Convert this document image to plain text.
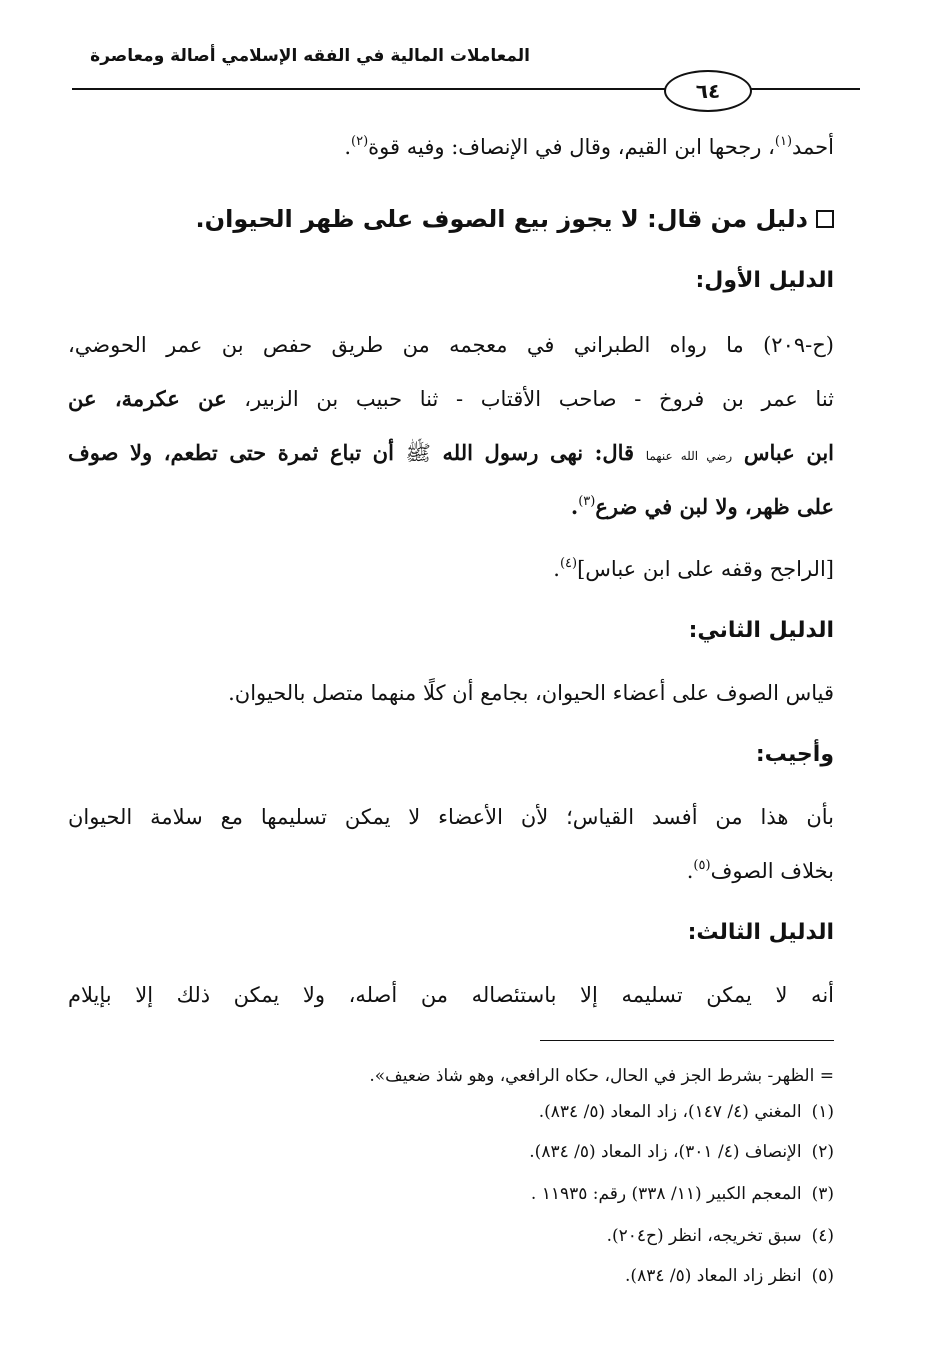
المعاملات المالية في الفقه الإسلامي أصالة ومعاصرة
٦٤
أحمد$^{(١)}$، رجحها ابن القيم، وقال في الإنصاف: وفيه قوة$^{(٢)}$.
دليل من قال: لا يجوز بيع الصوف على ظهر الحيوان.
الدليل الأول:
(ح-٢٠٩) ما رواه الطبراني في معجمه من طريق حفص بن عمر الحوضي،
ثنا عمر بن فروخ - صاحب الأقتاب - ثنا حبيب بن الزبير، عن عكرمة، عن
ابن عباس رضي الله عنهما قال: نهى رسول الله ﷺ أن تباع ثمرة حتى تطعم، ولا صوف
على ظهر، ولا لبن في ضرع$^{(٣)}$.
[الراجح وقفه على ابن عباس]$^{(٤)}$.
الدليل الثاني:
قياس الصوف على أعضاء الحيوان، بجامع أن كلًا منهما متصل بالحيوان.
وأجيب:
بأن هذا من أفسد القياس؛ لأن الأعضاء لا يمكن تسليمها مع سلامة الحيوان
بخلاف الصوف$^{(٥)}$.
الدليل الثالث:
أنه لا يمكن تسليمه إلا باستئصاله من أصله، ولا يمكن ذلك إلا بإيلام
= الظهر- بشرط الجز في الحال، حكاه الرافعي، وهو شاذ ضعيف».
(١)المغني (٤/ ١٤٧)، زاد المعاد (٥/ ٨٣٤).
(٢)الإنصاف (٤/ ٣٠١)، زاد المعاد (٥/ ٨٣٤).
(٣)المعجم الكبير (١١/ ٣٣٨) رقم: ١١٩٣٥ .
(٤)سبق تخريجه، انظر (ح٢٠٤).
(٥)انظر زاد المعاد (٥/ ٨٣٤).
